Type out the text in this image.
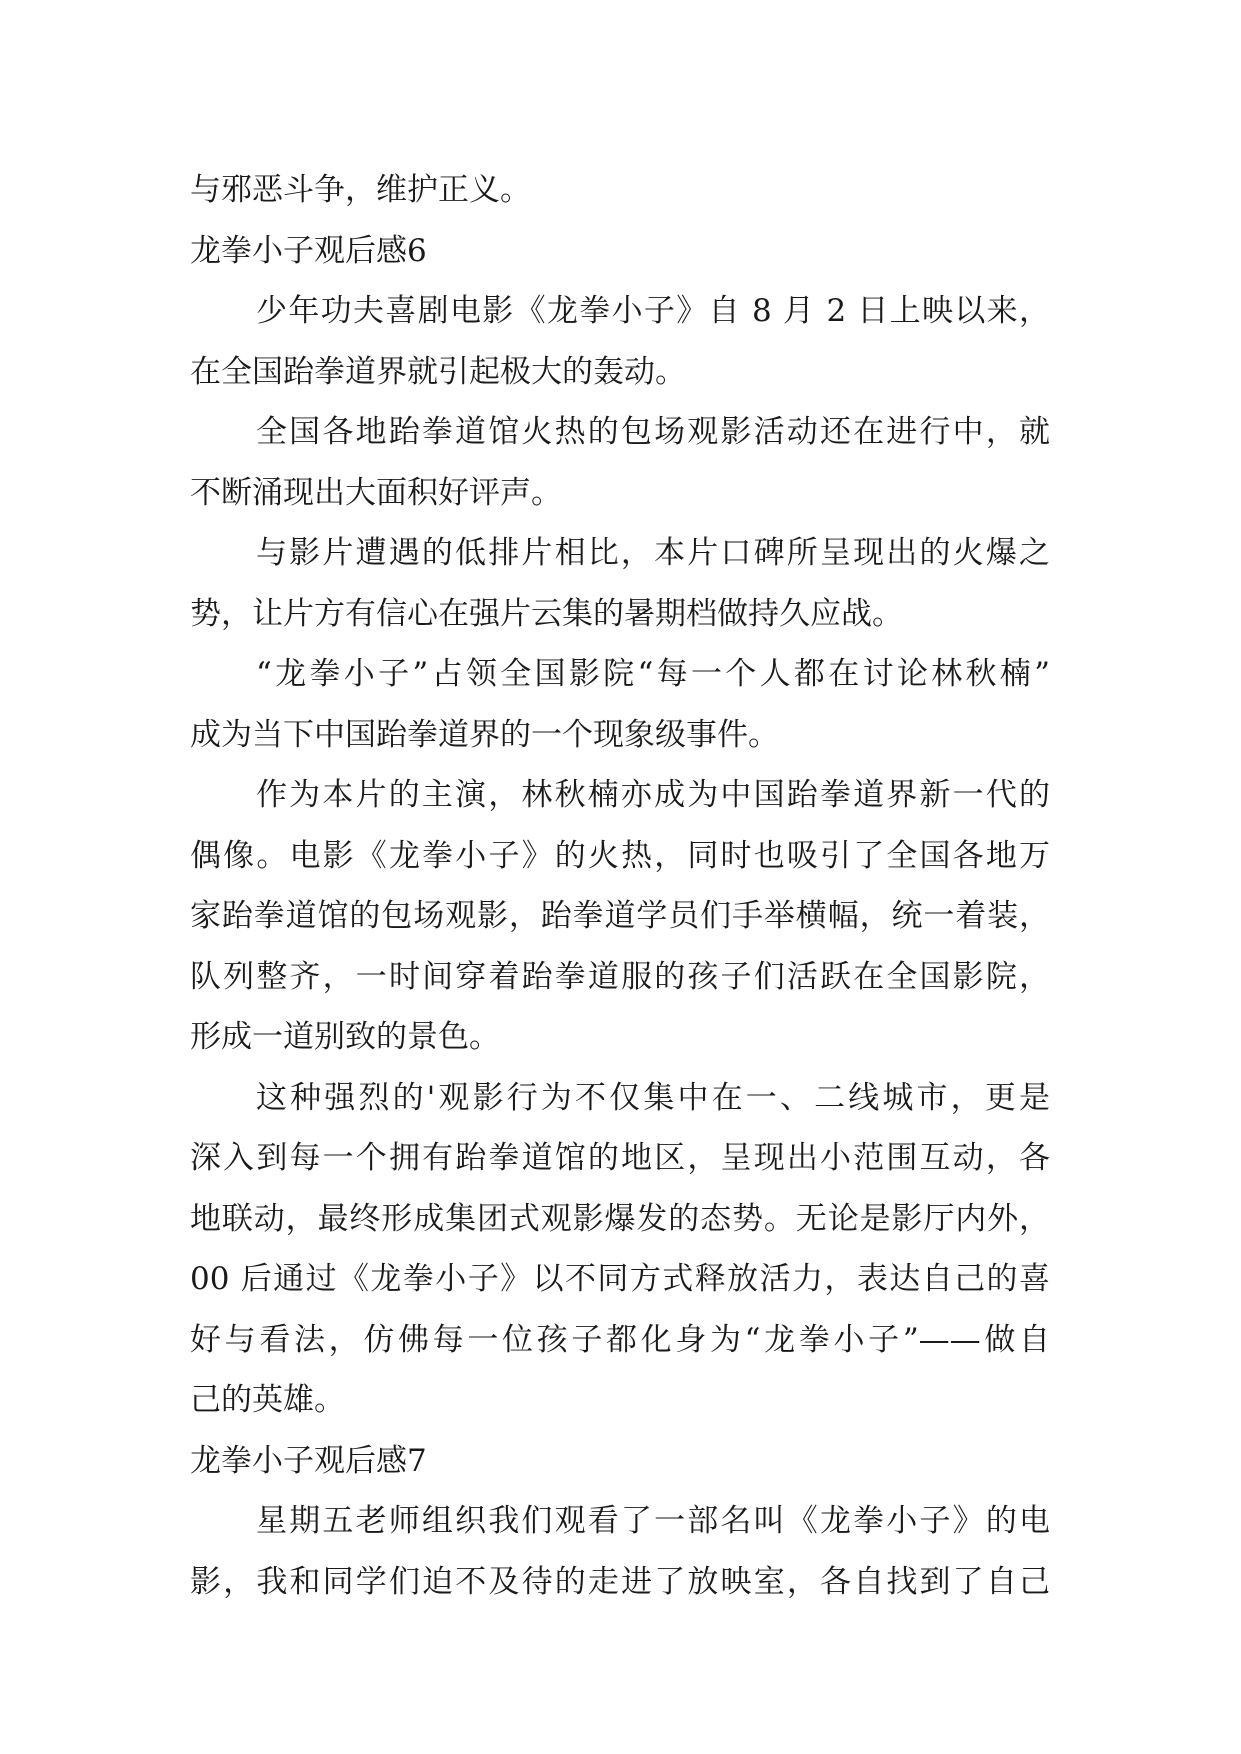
与邪恶斗争，维护正义。
龙拳小子观后感6
少年功夫喜剧电影《龙拳小子》自 8 月 2 日上映以来，
在全国跆拳道界就引起极大的轰动。
全国各地跆拳道馆火热的包场观影活动还在进行中，就
不断涌现出大面积好评声。
与影片遭遇的低排片相比，本片口碑所呈现出的火爆之
势，让片方有信心在强片云集的暑期档做持久应战。
“龙拳小子”占领全国影院“每一个人都在讨论林秋楠”
成为当下中国跆拳道界的一个现象级事件。
作为本片的主演，林秋楠亦成为中国跆拳道界新一代的
偶像。电影《龙拳小子》的火热，同时也吸引了全国各地万
家跆拳道馆的包场观影，跆拳道学员们手举横幅，统一着装，
队列整齐，一时间穿着跆拳道服的孩子们活跃在全国影院，
形成一道别致的景色。
这种强烈的'观影行为不仅集中在一、二线城市，更是
深入到每一个拥有跆拳道馆的地区，呈现出小范围互动，各
地联动，最终形成集团式观影爆发的态势。无论是影厅内外，
00 后通过《龙拳小子》以不同方式释放活力，表达自己的喜
好与看法，仿佛每一位孩子都化身为“龙拳小子”——做自
己的英雄。
龙拳小子观后感7
星期五老师组织我们观看了一部名叫《龙拳小子》的电
影，我和同学们迫不及待的走进了放映室，各自找到了自己
